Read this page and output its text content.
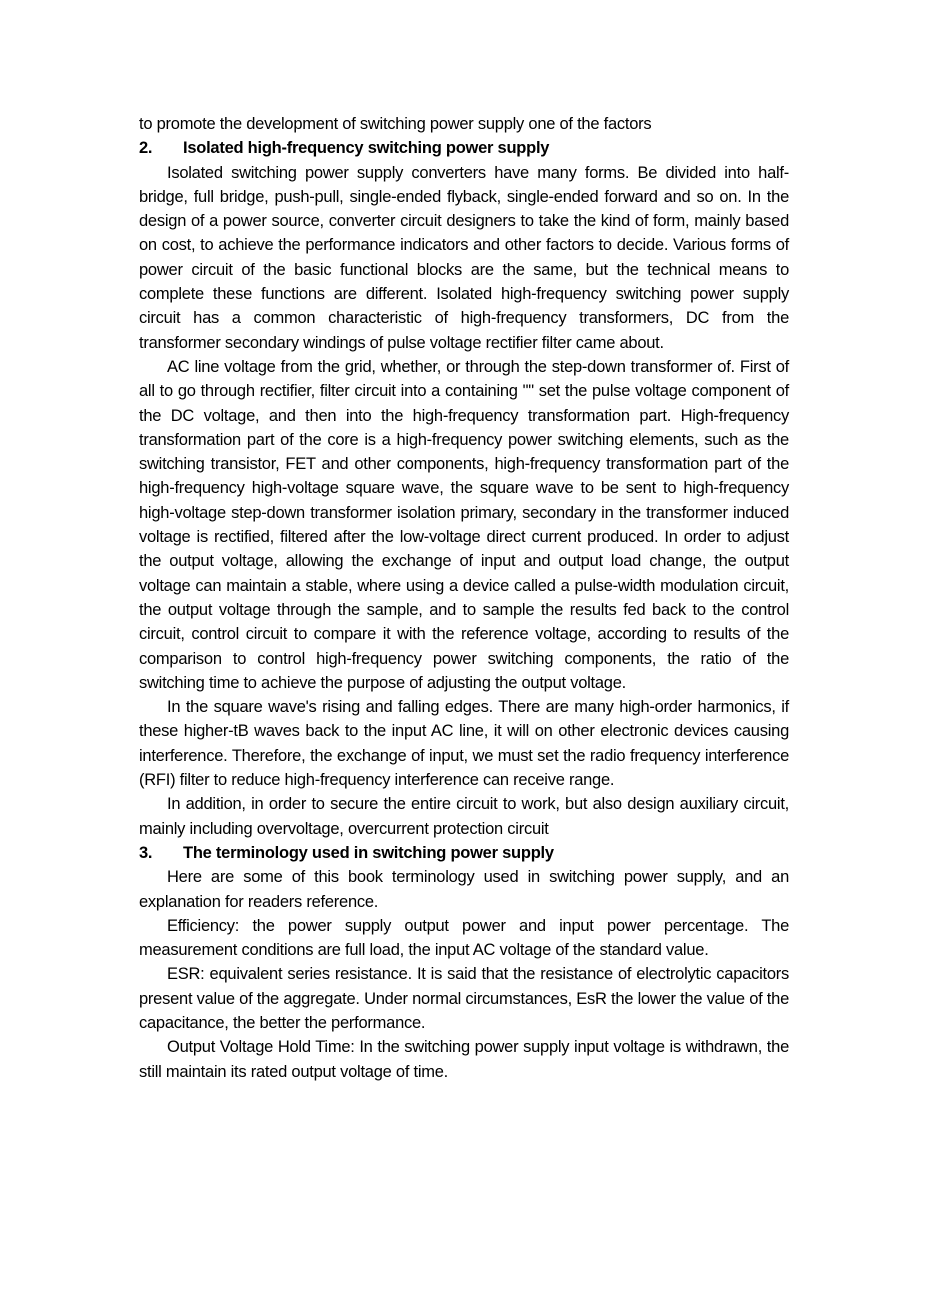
to promote the development of switching power supply one of the factors

2. Isolated high-frequency switching power supply

Isolated switching power supply converters have many forms. Be divided into half-bridge, full bridge, push-pull, single-ended flyback, single-ended forward and so on. In the design of a power source, converter circuit designers to take the kind of form, mainly based on cost, to achieve the performance indicators and other factors to decide. Various forms of power circuit of the basic functional blocks are the same, but the technical means to complete these functions are different. Isolated high-frequency switching power supply circuit has a common characteristic of high-frequency transformers, DC from the transformer secondary windings of pulse voltage rectifier filter came about.

AC line voltage from the grid, whether, or through the step-down transformer of. First of all to go through rectifier, filter circuit into a containing "" set the pulse voltage component of the DC voltage, and then into the high-frequency transformation part. High-frequency transformation part of the core is a high-frequency power switching elements, such as the switching transistor, FET and other components, high-frequency transformation part of the high-frequency high-voltage square wave, the square wave to be sent to high-frequency high-voltage step-down transformer isolation primary, secondary in the transformer induced voltage is rectified, filtered after the low-voltage direct current produced. In order to adjust the output voltage, allowing the exchange of input and output load change, the output voltage can maintain a stable, where using a device called a pulse-width modulation circuit, the output voltage through the sample, and to sample the results fed back to the control circuit, control circuit to compare it with the reference voltage, according to results of the comparison to control high-frequency power switching components, the ratio of the switching time to achieve the purpose of adjusting the output voltage.

In the square wave's rising and falling edges. There are many high-order harmonics, if these higher-tB waves back to the input AC line, it will on other electronic devices causing interference. Therefore, the exchange of input, we must set the radio frequency interference (RFI) filter to reduce high-frequency interference can receive range.

In addition, in order to secure the entire circuit to work, but also design auxiliary circuit, mainly including overvoltage, overcurrent protection circuit

3. The terminology used in switching power supply

Here are some of this book terminology used in switching power supply, and an explanation for readers reference.

Efficiency: the power supply output power and input power percentage. The measurement conditions are full load, the input AC voltage of the standard value.

ESR: equivalent series resistance. It is said that the resistance of electrolytic capacitors present value of the aggregate. Under normal circumstances, EsR the lower the value of the capacitance, the better the performance.

Output Voltage Hold Time: In the switching power supply input voltage is withdrawn, the still maintain its rated output voltage of time.
